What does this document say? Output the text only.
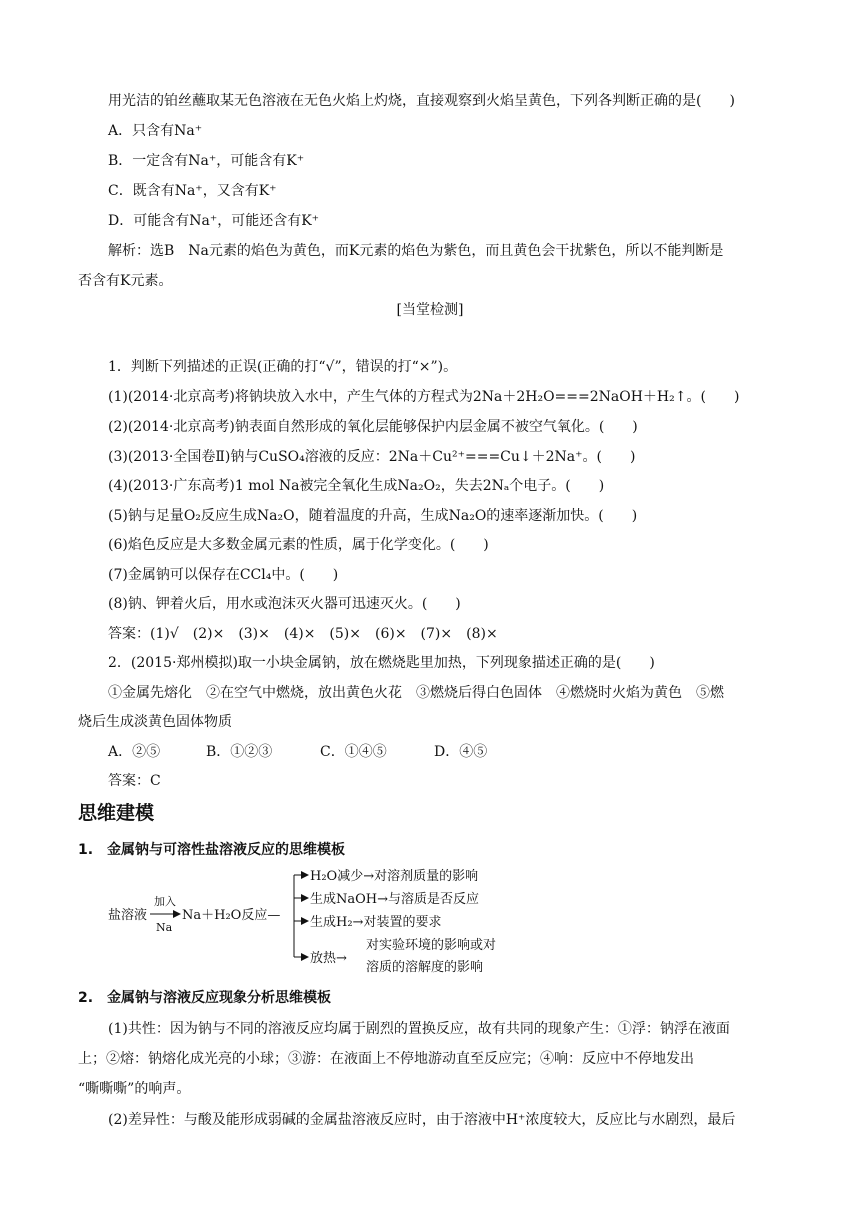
用光洁的铂丝蘸取某无色溶液在无色火焰上灼烧，直接观察到火焰呈黄色，下列各判断正确的是(　　)
A．只含有Na⁺
B．一定含有Na⁺，可能含有K⁺
C．既含有Na⁺，又含有K⁺
D．可能含有Na⁺，可能还含有K⁺
解析：选B　Na元素的焰色为黄色，而K元素的焰色为紫色，而且黄色会干扰紫色，所以不能判断是
否含有K元素。
[当堂检测]
1．判断下列描述的正误(正确的打“√”，错误的打“×”)。
(1)(2014·北京高考)将钠块放入水中，产生气体的方程式为2Na＋2H₂O===2NaOH＋H₂↑。(　　)
(2)(2014·北京高考)钠表面自然形成的氧化层能够保护内层金属不被空气氧化。(　　)
(3)(2013·全国卷Ⅱ)钠与CuSO₄溶液的反应：2Na＋Cu²⁺===Cu↓＋2Na⁺。(　　)
(4)(2013·广东高考)1 mol Na被完全氧化生成Na₂O₂，失去2Nₐ个电子。(　　)
(5)钠与足量O₂反应生成Na₂O，随着温度的升高，生成Na₂O的速率逐渐加快。(　　)
(6)焰色反应是大多数金属元素的性质，属于化学变化。(　　)
(7)金属钠可以保存在CCl₄中。(　　)
(8)钠、钾着火后，用水或泡沫灭火器可迅速灭火。(　　)
答案：(1)√　(2)×　(3)×　(4)×　(5)×　(6)×　(7)×　(8)×
2．(2015·郑州模拟)取一小块金属钠，放在燃烧匙里加热，下列现象描述正确的是(　　)
①金属先熔化　②在空气中燃烧，放出黄色火花　③燃烧后得白色固体　④燃烧时火焰为黄色　⑤燃
烧后生成淡黄色固体物质
A．②⑤	B．①②③	C．①④⑤	D．④⑤
答案：C
思维建模
1.　金属钠与可溶性盐溶液反应的思维模板
盐溶液
加入
Na
Na＋H₂O反应—
H₂O减少→对溶剂质量的影响
生成NaOH→与溶质是否反应
生成H₂→对装置的要求
放热→
对实验环境的影响或对
溶质的溶解度的影响
2.　金属钠与溶液反应现象分析思维模板
(1)共性：因为钠与不同的溶液反应均属于剧烈的置换反应，故有共同的现象产生：①浮：钠浮在液面
上；②熔：钠熔化成光亮的小球；③游：在液面上不停地游动直至反应完；④响：反应中不停地发出
“嘶嘶嘶”的响声。
(2)差异性：与酸及能形成弱碱的金属盐溶液反应时，由于溶液中H⁺浓度较大，反应比与水剧烈，最后
